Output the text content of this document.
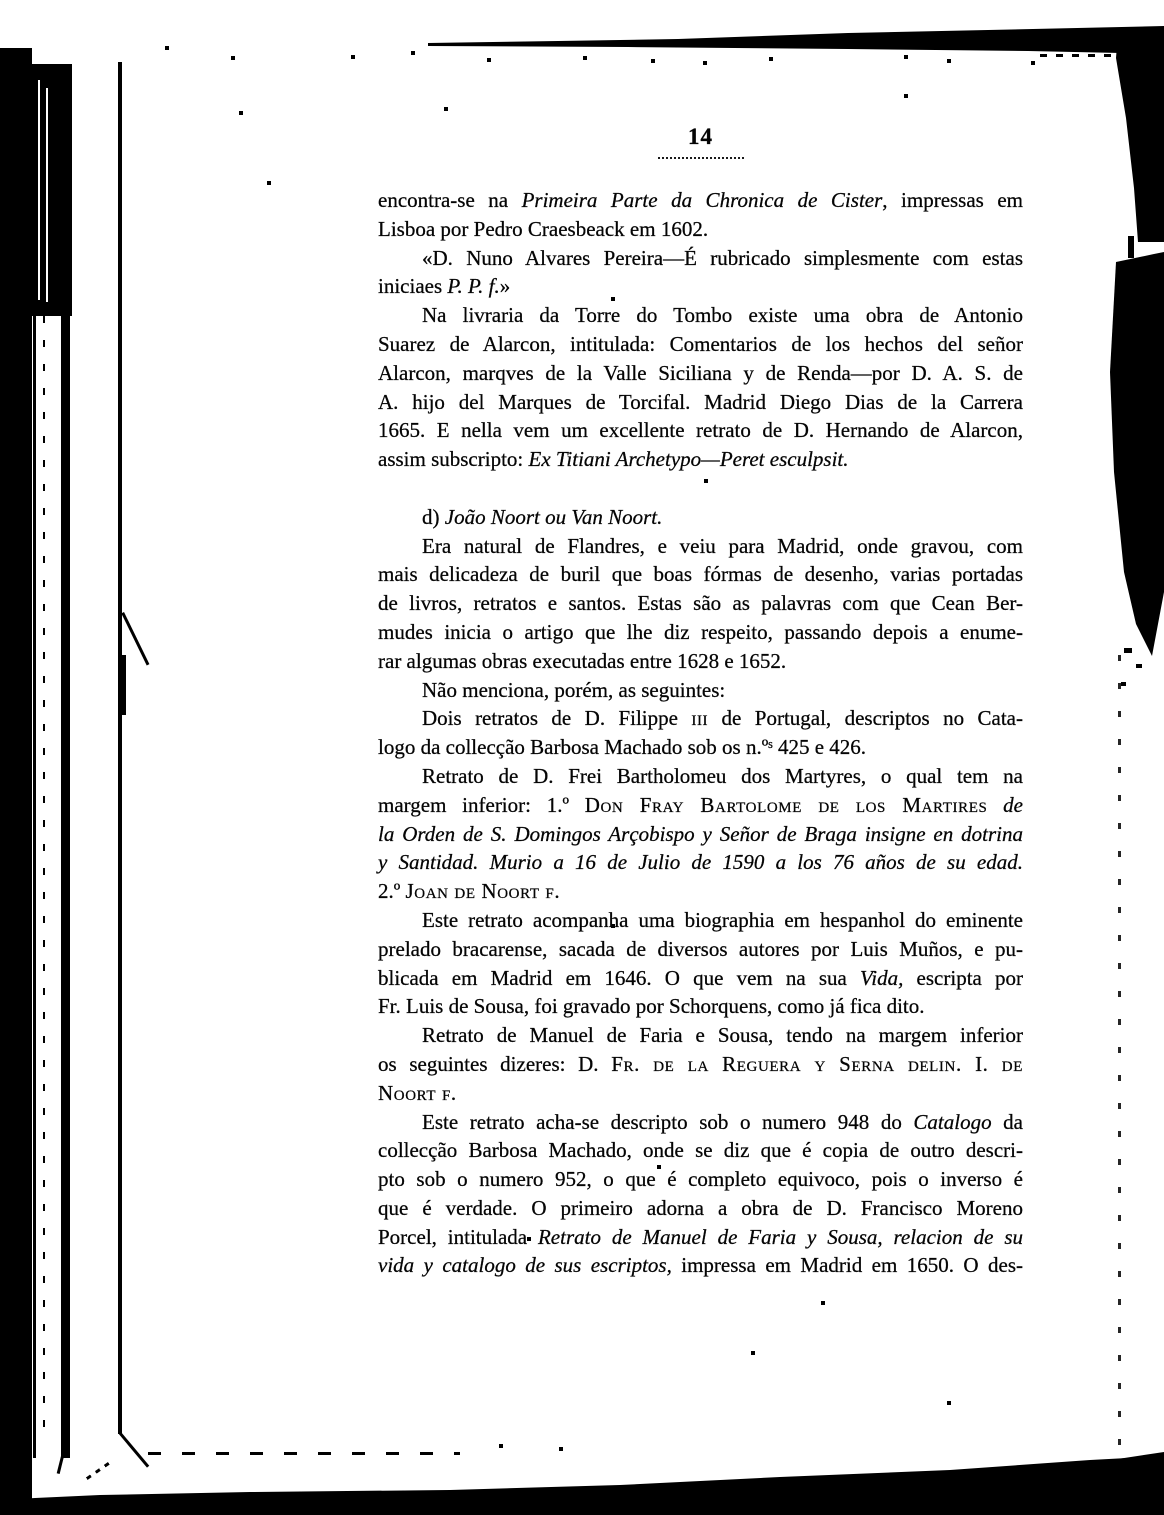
14
encontra-se na Primeira Parte da Chronica de Cister, impressas em
Lisboa por Pedro Craesbeack em 1602.
«D. Nuno Alvares Pereira—É rubricado simplesmente com estas
iniciaes P. P. f.»
Na livraria da Torre do Tombo existe uma obra de Antonio
Suarez de Alarcon, intitulada: Comentarios de los hechos del señor
Alarcon, marqves de la Valle Siciliana y de Renda—por D. A. S. de
A. hijo del Marques de Torcifal. Madrid Diego Dias de la Carrera
1665. E nella vem um excellente retrato de D. Hernando de Alarcon,
assim subscripto: Ex Titiani Archetypo—Peret esculpsit.
d) João Noort ou Van Noort.
Era natural de Flandres, e veiu para Madrid, onde gravou, com
mais delicadeza de buril que boas fórmas de desenho, varias portadas
de livros, retratos e santos. Estas são as palavras com que Cean Ber-
mudes inicia o artigo que lhe diz respeito, passando depois a enume-
rar algumas obras executadas entre 1628 e 1652.
Não menciona, porém, as seguintes:
Dois retratos de D. Filippe iii de Portugal, descriptos no Cata-
logo da collecção Barbosa Machado sob os n.ºˢ 425 e 426.
Retrato de D. Frei Bartholomeu dos Martyres, o qual tem na
margem inferior: 1.º Don Fray Bartolome de los Martires de
la Orden de S. Domingos Arçobispo y Señor de Braga insigne en dotrina
y Santidad. Murio a 16 de Julio de 1590 a los 76 años de su edad.
2.º Joan de Noort f.
Este retrato acompanha uma biographia em hespanhol do eminente
prelado bracarense, sacada de diversos autores por Luis Muños, e pu-
blicada em Madrid em 1646. O que vem na sua Vida, escripta por
Fr. Luis de Sousa, foi gravado por Schorquens, como já fica dito.
Retrato de Manuel de Faria e Sousa, tendo na margem inferior
os seguintes dizeres: D. Fr. de la Reguera y Serna delin. I. de
Noort f.
Este retrato acha-se descripto sob o numero 948 do Catalogo da
collecção Barbosa Machado, onde se diz que é copia de outro descri-
pto sob o numero 952, o que é completo equivoco, pois o inverso é
que é verdade. O primeiro adorna a obra de D. Francisco Moreno
Porcel, intitulada Retrato de Manuel de Faria y Sousa, relacion de su
vida y catalogo de sus escriptos, impressa em Madrid em 1650. O des-
